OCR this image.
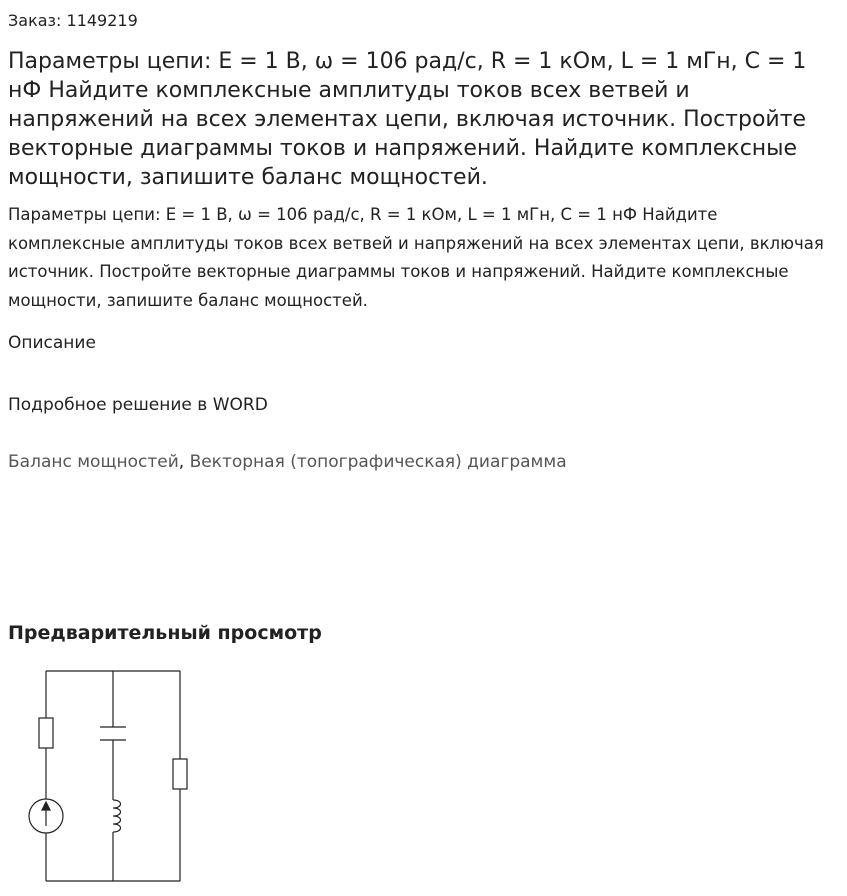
Заказ: 1149219
Параметры цепи: E = 1 В, ω = 106 рад/с, R = 1 кОм, L = 1 мГн, C = 1 нФ Найдите комплексные амплитуды токов всех ветвей и напряжений на всех элементах цепи, включая источник. Постройте векторные диаграммы токов и напряжений. Найдите комплексные мощности, запишите баланс мощностей.

Параметры цепи: E = 1 В, ω = 106 рад/с, R = 1 кОм, L = 1 мГн, C = 1 нФ Найдите комплексные амплитуды токов всех ветвей и напряжений на всех элементах цепи, включая источник. Постройте векторные диаграммы токов и напряжений. Найдите комплексные мощности, запишите баланс мощностей.

Описание
Подробное решение в WORD
Баланс мощностей, Векторная (топографическая) диаграмма
Предварительный просмотр
